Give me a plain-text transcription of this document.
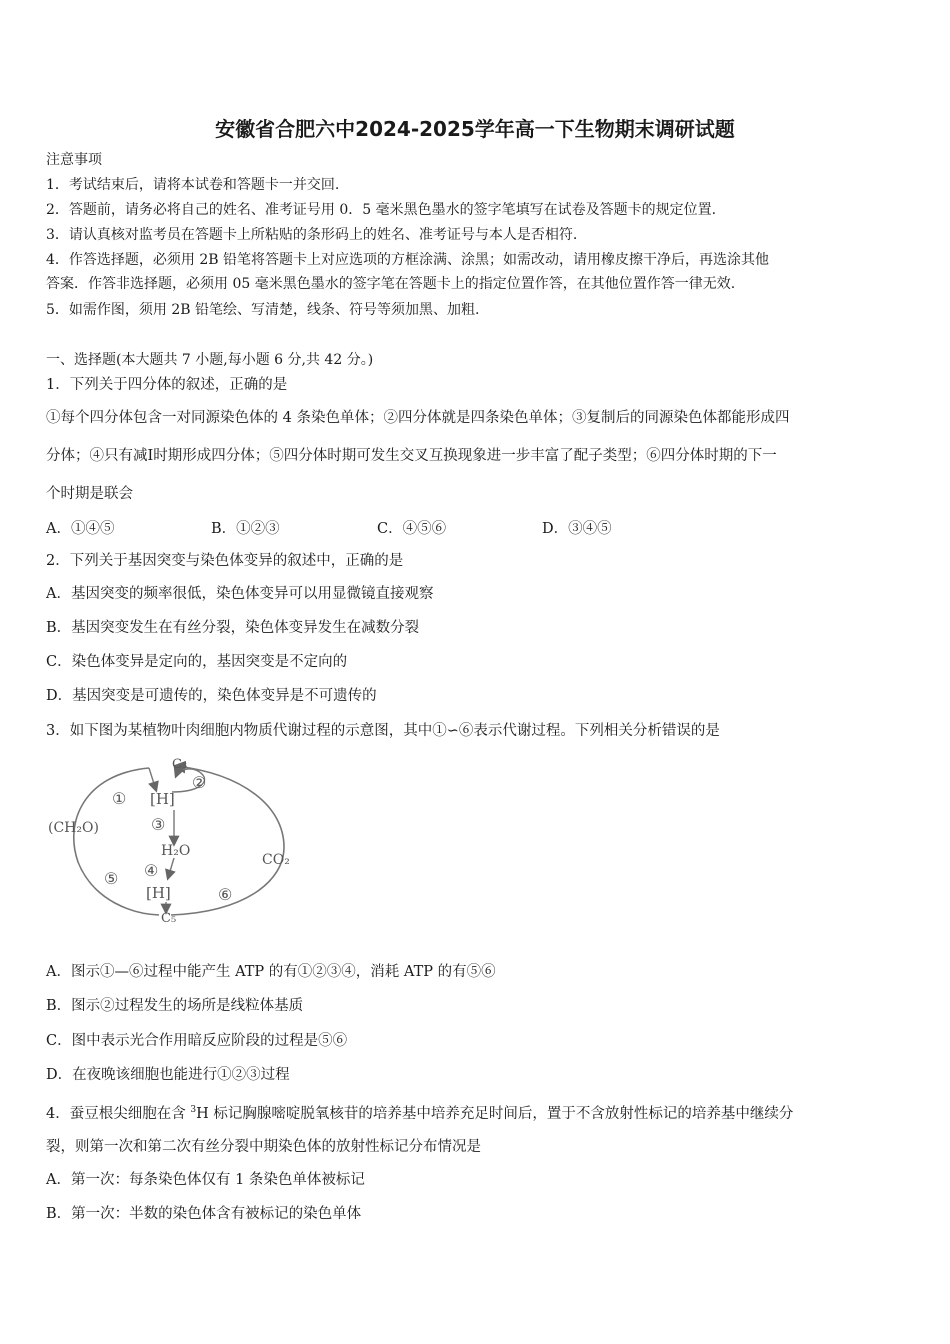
安徽省合肥六中2024-2025学年高一下生物期末调研试题
注意事项
1．考试结束后，请将本试卷和答题卡一并交回.
2．答题前，请务必将自己的姓名、准考证号用 0．5 毫米黑色墨水的签字笔填写在试卷及答题卡的规定位置.
3．请认真核对监考员在答题卡上所粘贴的条形码上的姓名、准考证号与本人是否相符.
4．作答选择题，必须用 2B 铅笔将答题卡上对应选项的方框涂满、涂黑；如需改动，请用橡皮擦干净后，再选涂其他
答案．作答非选择题，必须用 05 毫米黑色墨水的签字笔在答题卡上的指定位置作答，在其他位置作答一律无效.
5．如需作图，须用 2B 铅笔绘、写清楚，线条、符号等须加黑、加粗.
一、选择题(本大题共 7 小题,每小题 6 分,共 42 分。)
1．下列关于四分体的叙述，正确的是
①每个四分体包含一对同源染色体的 4 条染色单体；②四分体就是四条染色单体；③复制后的同源染色体都能形成四
分体；④只有减Ⅰ时期形成四分体；⑤四分体时期可发生交叉互换现象进一步丰富了配子类型；⑥四分体时期的下一
个时期是联会
A．①④⑤	B．①②③	C．④⑤⑥	D．③④⑤
2．下列关于基因突变与染色体变异的叙述中，正确的是
A．基因突变的频率很低，染色体变异可以用显微镜直接观察
B．基因突变发生在有丝分裂，染色体变异发生在减数分裂
C．染色体变异是定向的，基因突变是不定向的
D．基因突变是可遗传的，染色体变异是不可遗传的
3．如下图为某植物叶肉细胞内物质代谢过程的示意图，其中①∽⑥表示代谢过程。下列相关分析错误的是
C₃
[H]
(CH₂O)
H₂O
CO₂
[H]
C₅
①
②
③
④
⑤
⑥
A．图示①—⑥过程中能产生 ATP 的有①②③④，消耗 ATP 的有⑤⑥
B．图示②过程发生的场所是线粒体基质
C．图中表示光合作用暗反应阶段的过程是⑤⑥
D．在夜晚该细胞也能进行①②③过程
4．蚕豆根尖细胞在含 $^3$H 标记胸腺嘧啶脱氧核苷的培养基中培养充足时间后，置于不含放射性标记的培养基中继续分
裂，则第一次和第二次有丝分裂中期染色体的放射性标记分布情况是
A．第一次：每条染色体仅有 1 条染色单体被标记
B．第一次：半数的染色体含有被标记的染色单体
